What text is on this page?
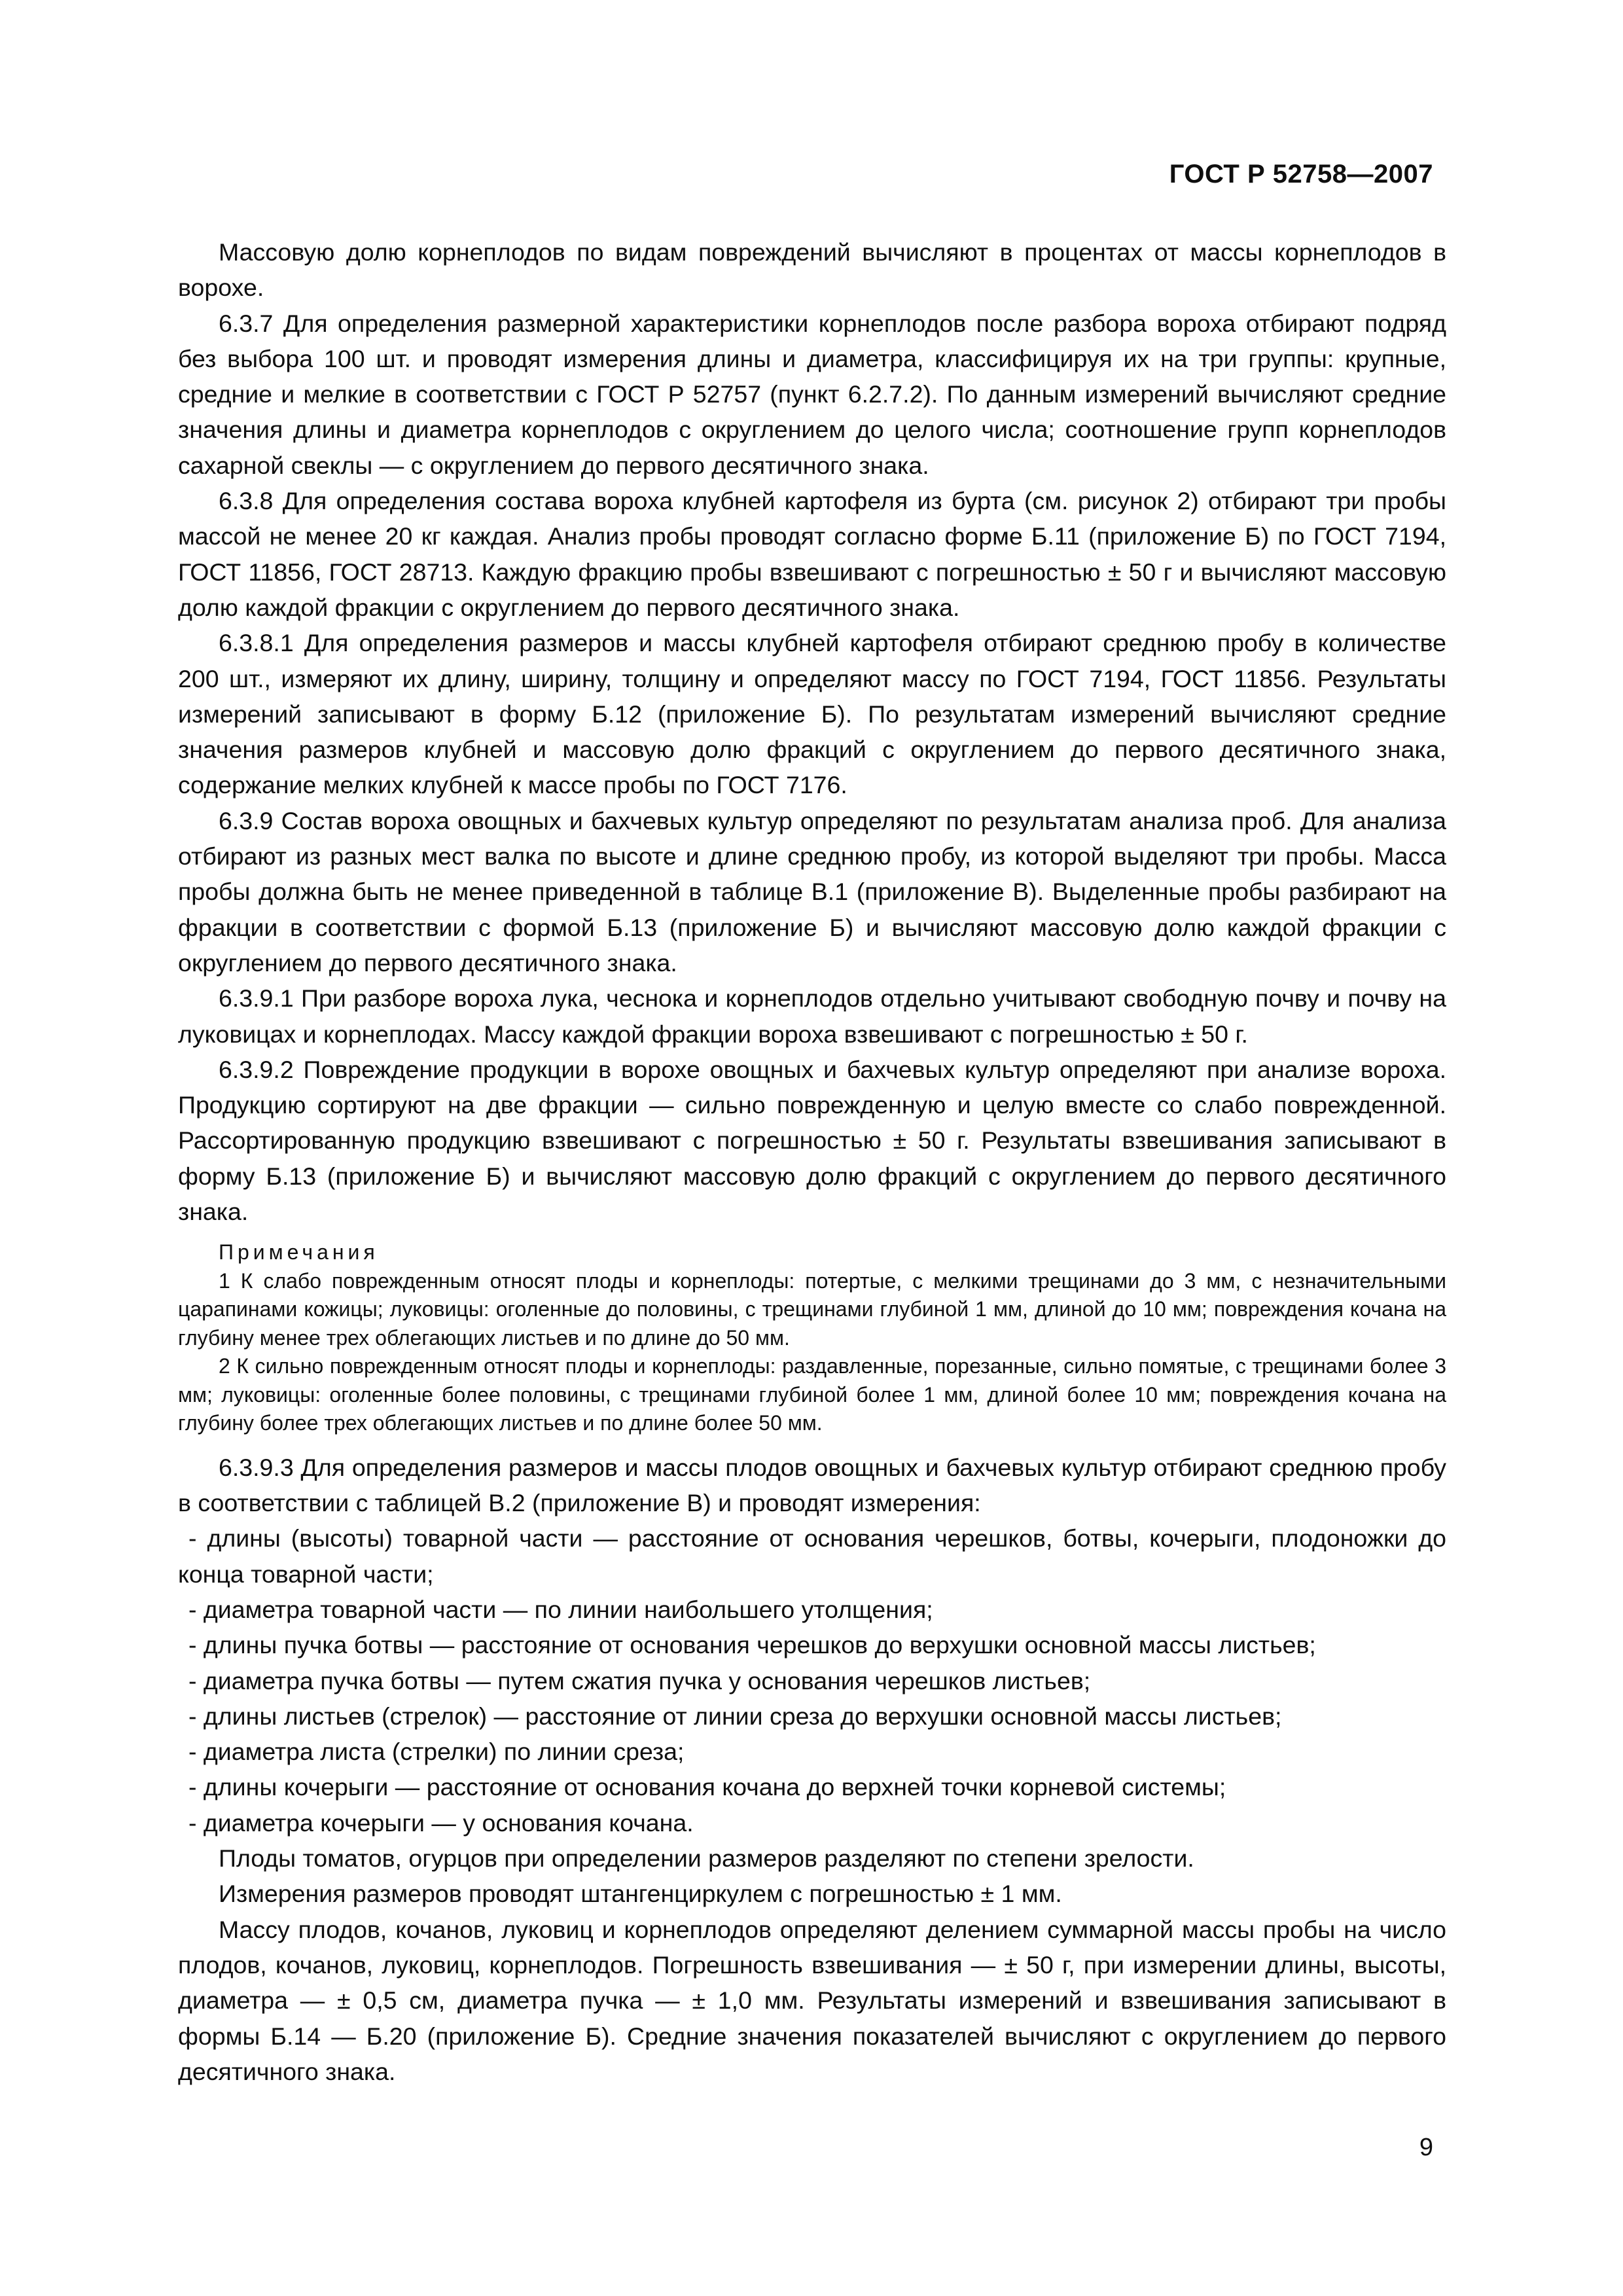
ГОСТ Р 52758—2007

Массовую долю корнеплодов по видам повреждений вычисляют в процентах от массы корнеплодов в ворохе.

6.3.7 Для определения размерной характеристики корнеплодов после разбора вороха отбирают подряд без выбора 100 шт. и проводят измерения длины и диаметра, классифицируя их на три группы: крупные, средние и мелкие в соответствии с ГОСТ Р 52757 (пункт 6.2.7.2). По данным измерений вычисляют средние значения длины и диаметра корнеплодов с округлением до целого числа; соотношение групп корнеплодов сахарной свеклы — с округлением до первого десятичного знака.

6.3.8 Для определения состава вороха клубней картофеля из бурта (см. рисунок 2) отбирают три пробы массой не менее 20 кг каждая. Анализ пробы проводят согласно форме Б.11 (приложение Б) по ГОСТ 7194, ГОСТ 11856, ГОСТ 28713. Каждую фракцию пробы взвешивают с погрешностью ± 50 г и вычисляют массовую долю каждой фракции с округлением до первого десятичного знака.

6.3.8.1 Для определения размеров и массы клубней картофеля отбирают среднюю пробу в количестве 200 шт., измеряют их длину, ширину, толщину и определяют массу по ГОСТ 7194, ГОСТ 11856. Результаты измерений записывают в форму Б.12 (приложение Б). По результатам измерений вычисляют средние значения размеров клубней и массовую долю фракций с округлением до первого десятичного знака, содержание мелких клубней к массе пробы по ГОСТ 7176.

6.3.9 Состав вороха овощных и бахчевых культур определяют по результатам анализа проб. Для анализа отбирают из разных мест валка по высоте и длине среднюю пробу, из которой выделяют три пробы. Масса пробы должна быть не менее приведенной в таблице В.1 (приложение В). Выделенные пробы разбирают на фракции в соответствии с формой Б.13 (приложение Б) и вычисляют массовую долю каждой фракции с округлением до первого десятичного знака.

6.3.9.1 При разборе вороха лука, чеснока и корнеплодов отдельно учитывают свободную почву и почву на луковицах и корнеплодах. Массу каждой фракции вороха взвешивают с погрешностью ± 50 г.

6.3.9.2 Повреждение продукции в ворохе овощных и бахчевых культур определяют при анализе вороха. Продукцию сортируют на две фракции — сильно поврежденную и целую вместе со слабо поврежденной. Рассортированную продукцию взвешивают с погрешностью ± 50 г. Результаты взвешивания записывают в форму Б.13 (приложение Б) и вычисляют массовую долю фракций с округлением до первого десятичного знака.

Примечания

1 К слабо поврежденным относят плоды и корнеплоды: потертые, с мелкими трещинами до 3 мм, с незначительными царапинами кожицы; луковицы: оголенные до половины, с трещинами глубиной 1 мм, длиной до 10 мм; повреждения кочана на глубину менее трех облегающих листьев и по длине до 50 мм.

2 К сильно поврежденным относят плоды и корнеплоды: раздавленные, порезанные, сильно помятые, с трещинами более 3 мм; луковицы: оголенные более половины, с трещинами глубиной более 1 мм, длиной более 10 мм; повреждения кочана на глубину более трех облегающих листьев и по длине более 50 мм.

6.3.9.3 Для определения размеров и массы плодов овощных и бахчевых культур отбирают среднюю пробу в соответствии с таблицей В.2 (приложение В) и проводят измерения:

- длины (высоты) товарной части — расстояние от основания черешков, ботвы, кочерыги, плодоножки до конца товарной части;
- диаметра товарной части — по линии наибольшего утолщения;
- длины пучка ботвы — расстояние от основания черешков до верхушки основной массы листьев;
- диаметра пучка ботвы — путем сжатия пучка у основания черешков листьев;
- длины листьев (стрелок) — расстояние от линии среза до верхушки основной массы листьев;
- диаметра листа (стрелки) по линии среза;
- длины кочерыги — расстояние от основания кочана до верхней точки корневой системы;
- диаметра кочерыги — у основания кочана.

Плоды томатов, огурцов при определении размеров разделяют по степени зрелости.

Измерения размеров проводят штангенциркулем с погрешностью ± 1 мм.

Массу плодов, кочанов, луковиц и корнеплодов определяют делением суммарной массы пробы на число плодов, кочанов, луковиц, корнеплодов. Погрешность взвешивания — ± 50 г, при измерении длины, высоты, диаметра — ± 0,5 см, диаметра пучка — ± 1,0 мм. Результаты измерений и взвешивания записывают в формы Б.14 — Б.20 (приложение Б). Средние значения показателей вычисляют с округлением до первого десятичного знака.

9
